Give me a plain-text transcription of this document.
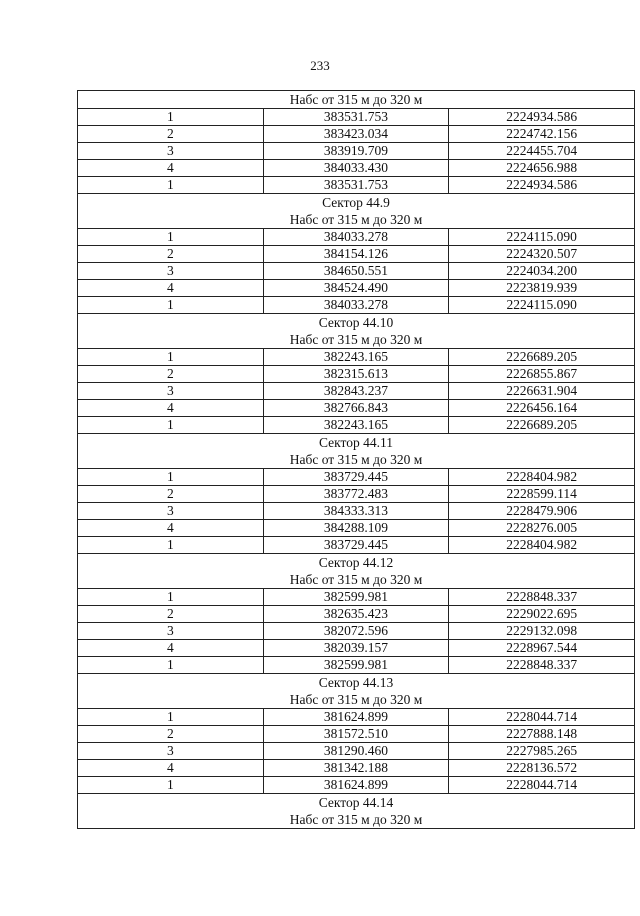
233
Набс от 315 м до 320 м		

1	383531.753	2224934.586
2	383423.034	2224742.156
3	383919.709	2224455.704
4	384033.430	2224656.988
1	383531.753	2224934.586

Сектор 44.9
Набс от 315 м до 320 м		

1	384033.278	2224115.090
2	384154.126	2224320.507
3	384650.551	2224034.200
4	384524.490	2223819.939
1	384033.278	2224115.090

Сектор 44.10
Набс от 315 м до 320 м		

1	382243.165	2226689.205
2	382315.613	2226855.867
3	382843.237	2226631.904
4	382766.843	2226456.164
1	382243.165	2226689.205

Сектор 44.11
Набс от 315 м до 320 м		

1	383729.445	2228404.982
2	383772.483	2228599.114
3	384333.313	2228479.906
4	384288.109	2228276.005
1	383729.445	2228404.982

Сектор 44.12
Набс от 315 м до 320 м		

1	382599.981	2228848.337
2	382635.423	2229022.695
3	382072.596	2229132.098
4	382039.157	2228967.544
1	382599.981	2228848.337

Сектор 44.13
Набс от 315 м до 320 м		

1	381624.899	2228044.714
2	381572.510	2227888.148
3	381290.460	2227985.265
4	381342.188	2228136.572
1	381624.899	2228044.714

Сектор 44.14
Набс от 315 м до 320 м		
